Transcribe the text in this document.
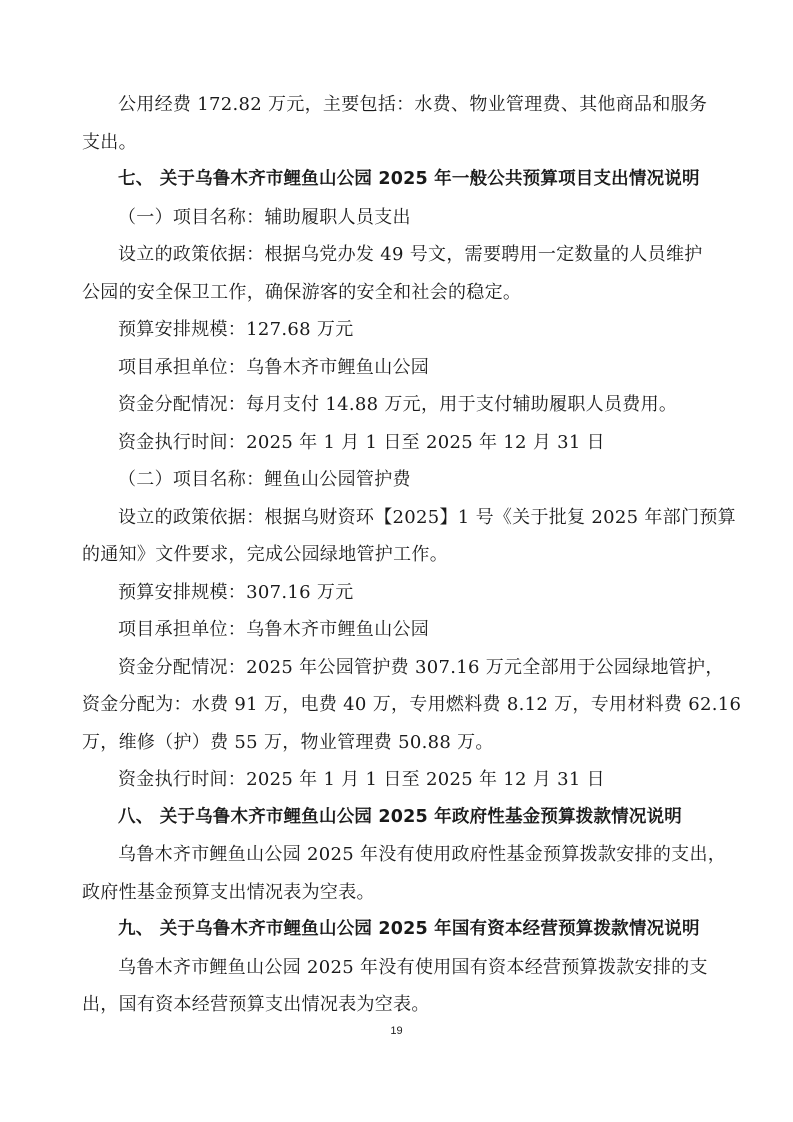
公用经费 172.82 万元，主要包括：水费、物业管理费、其他商品和服务
支出。
七、 关于乌鲁木齐市鲤鱼山公园 2025 年一般公共预算项目支出情况说明
（一）项目名称：辅助履职人员支出
设立的政策依据：根据乌党办发 49 号文，需要聘用一定数量的人员维护
公园的安全保卫工作，确保游客的安全和社会的稳定。
预算安排规模：127.68 万元
项目承担单位：乌鲁木齐市鲤鱼山公园
资金分配情况：每月支付 14.88 万元，用于支付辅助履职人员费用。
资金执行时间：2025 年 1 月 1 日至 2025 年 12 月 31 日
（二）项目名称：鲤鱼山公园管护费
设立的政策依据：根据乌财资环【2025】1 号《关于批复 2025 年部门预算
的通知》文件要求，完成公园绿地管护工作。
预算安排规模：307.16 万元
项目承担单位：乌鲁木齐市鲤鱼山公园
资金分配情况：2025 年公园管护费 307.16 万元全部用于公园绿地管护，
资金分配为：水费 91 万，电费 40 万，专用燃料费 8.12 万，专用材料费 62.16
万，维修（护）费 55 万，物业管理费 50.88 万。
资金执行时间：2025 年 1 月 1 日至 2025 年 12 月 31 日
八、 关于乌鲁木齐市鲤鱼山公园 2025 年政府性基金预算拨款情况说明
乌鲁木齐市鲤鱼山公园 2025 年没有使用政府性基金预算拨款安排的支出，
政府性基金预算支出情况表为空表。
九、 关于乌鲁木齐市鲤鱼山公园 2025 年国有资本经营预算拨款情况说明
乌鲁木齐市鲤鱼山公园 2025 年没有使用国有资本经营预算拨款安排的支
出，国有资本经营预算支出情况表为空表。
19
